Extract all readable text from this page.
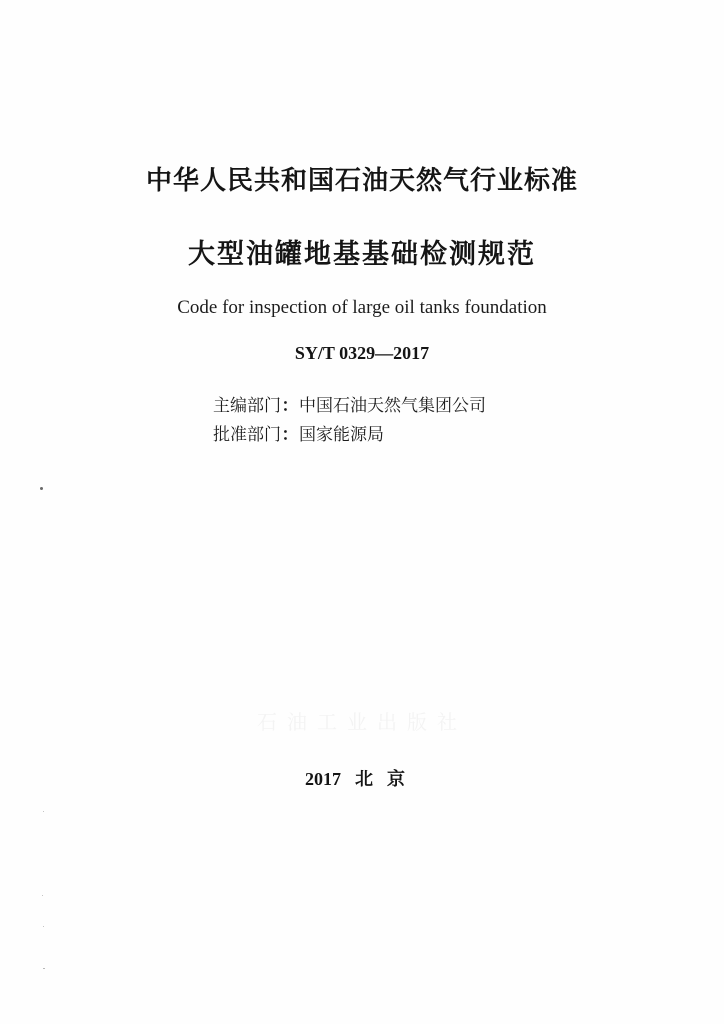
中华人民共和国石油天然气行业标准
大型油罐地基基础检测规范
Code for inspection of large oil tanks foundation
SY/T 0329—2017
主编部门：中国石油天然气集团公司
批准部门：国家能源局
石油工业出版社
2017 北京
